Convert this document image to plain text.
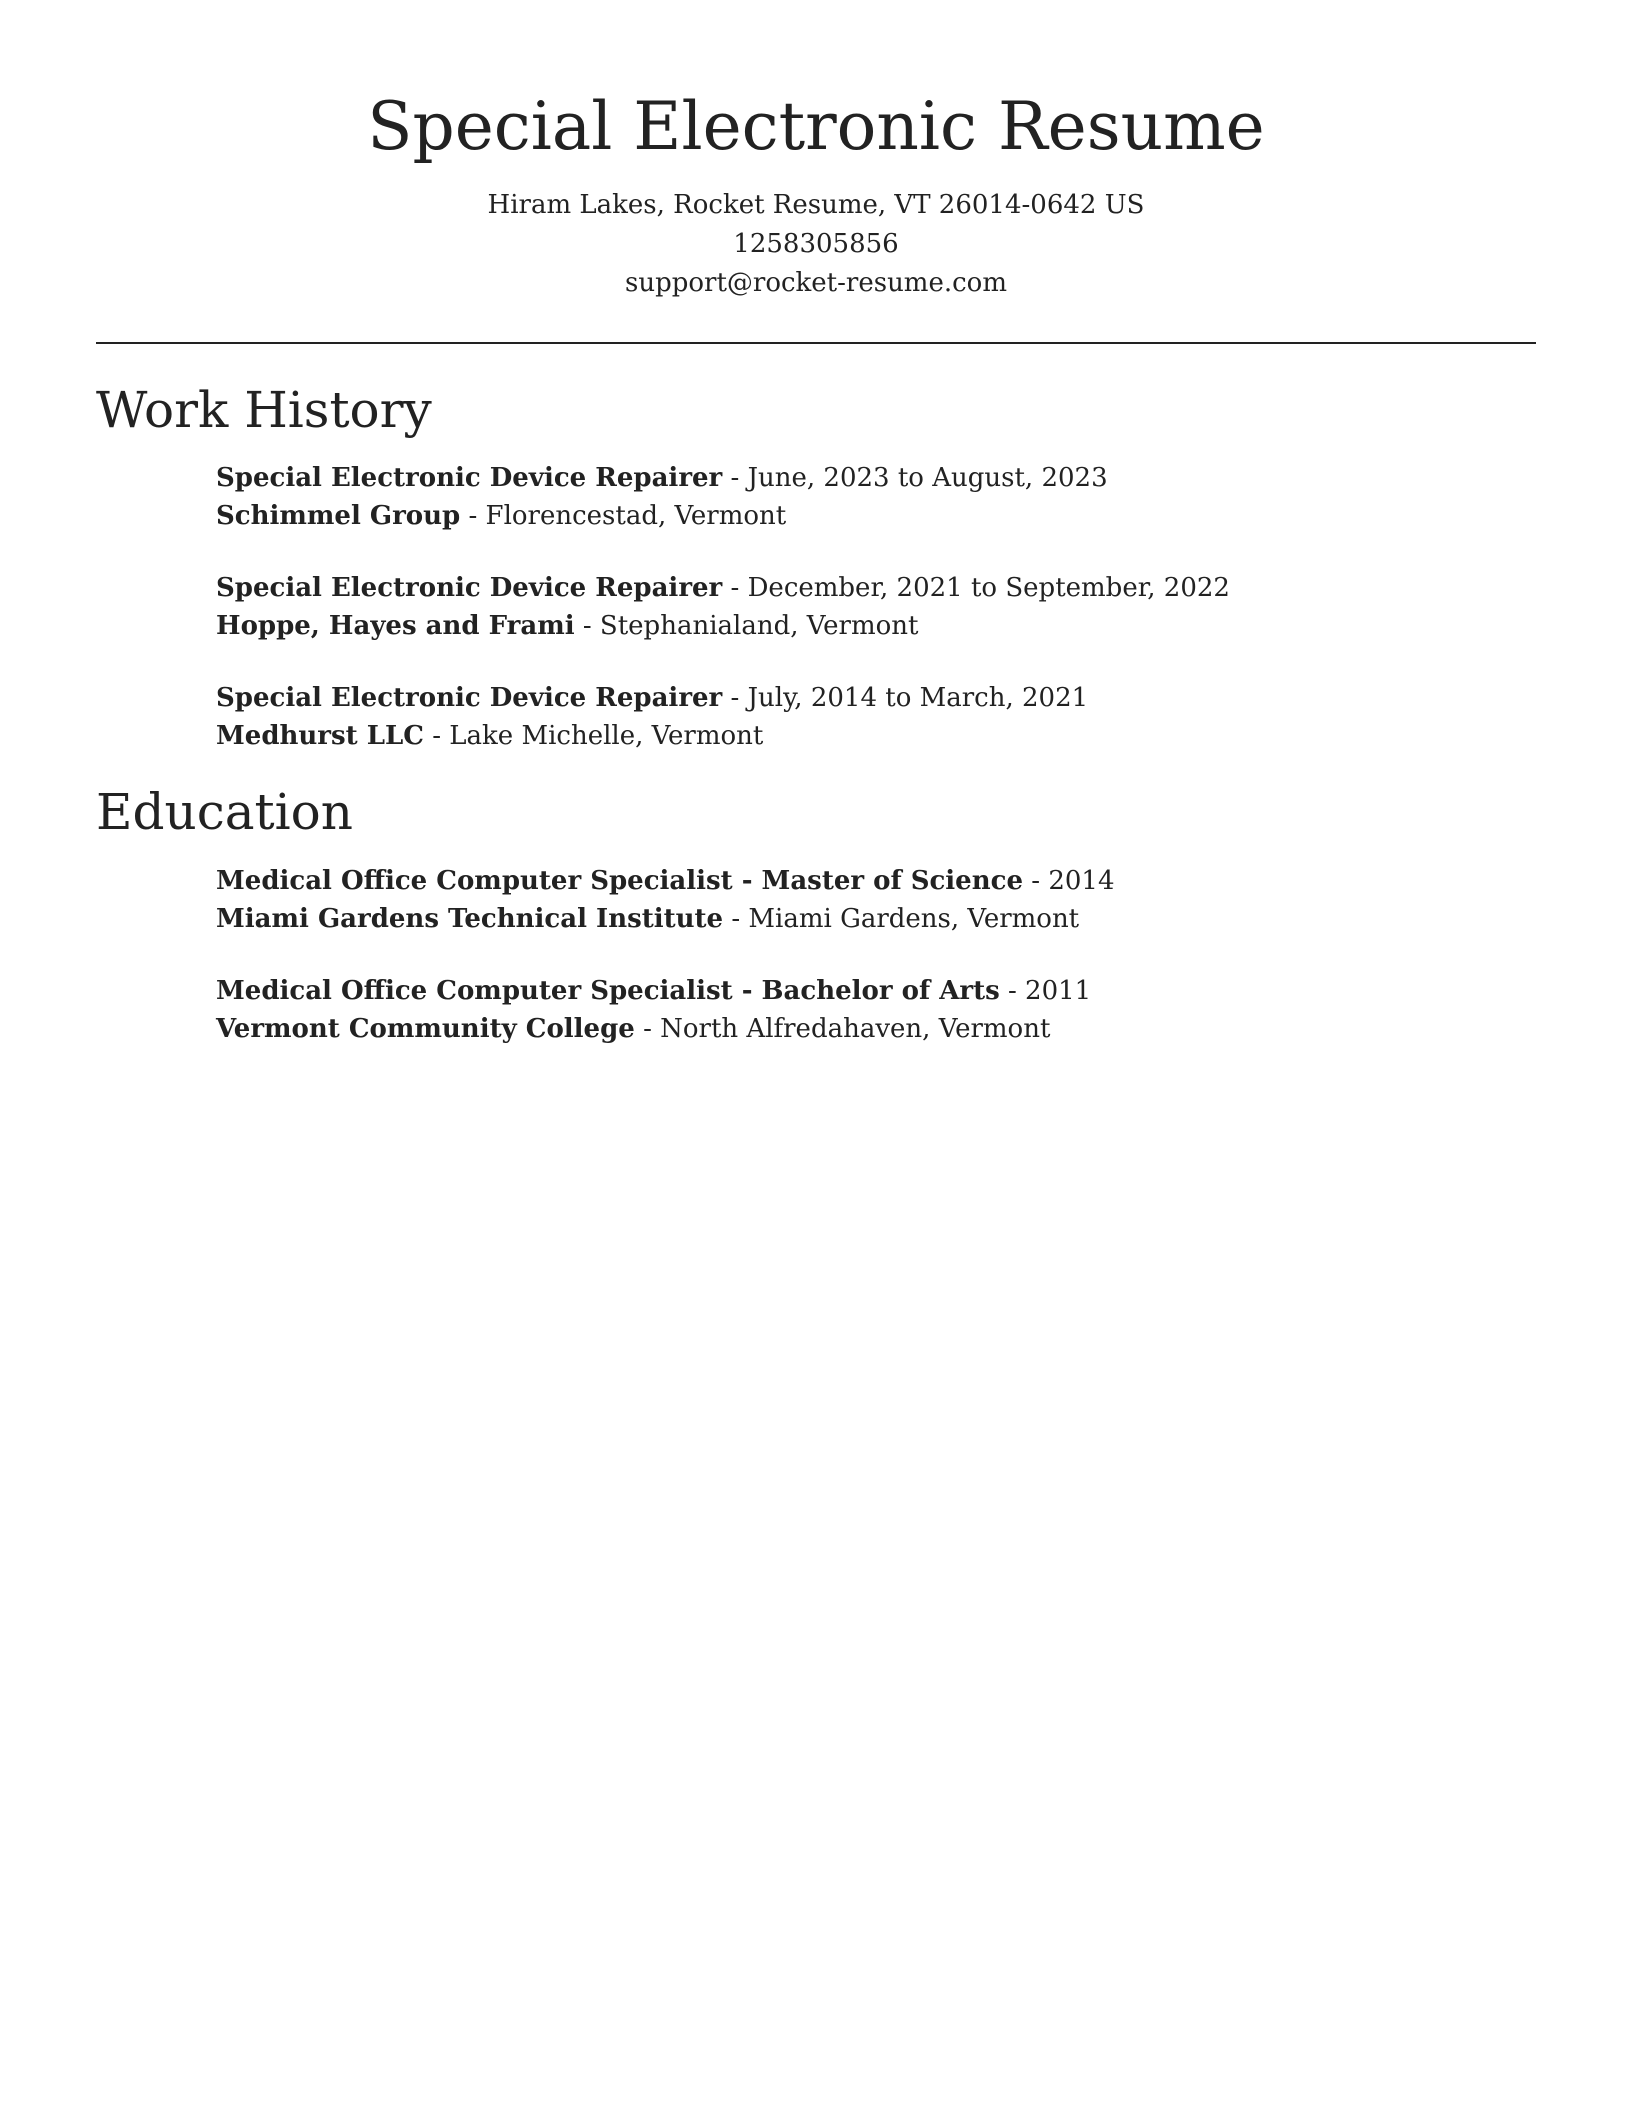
Special Electronic Resume

Hiram Lakes, Rocket Resume, VT 26014-0642 US

1258305856

support@rocket-resume.com

Work History
Special Electronic Device Repairer - June, 2023 to August, 2023
Schimmel Group - Florencestad, Vermont
Special Electronic Device Repairer - December, 2021 to September, 2022
Hoppe, Hayes and Frami - Stephanialand, Vermont
Special Electronic Device Repairer - July, 2014 to March, 2021
Medhurst LLC - Lake Michelle, Vermont
Education
Medical Office Computer Specialist - Master of Science - 2014
Miami Gardens Technical Institute - Miami Gardens, Vermont
Medical Office Computer Specialist - Bachelor of Arts - 2011
Vermont Community College - North Alfredahaven, Vermont
